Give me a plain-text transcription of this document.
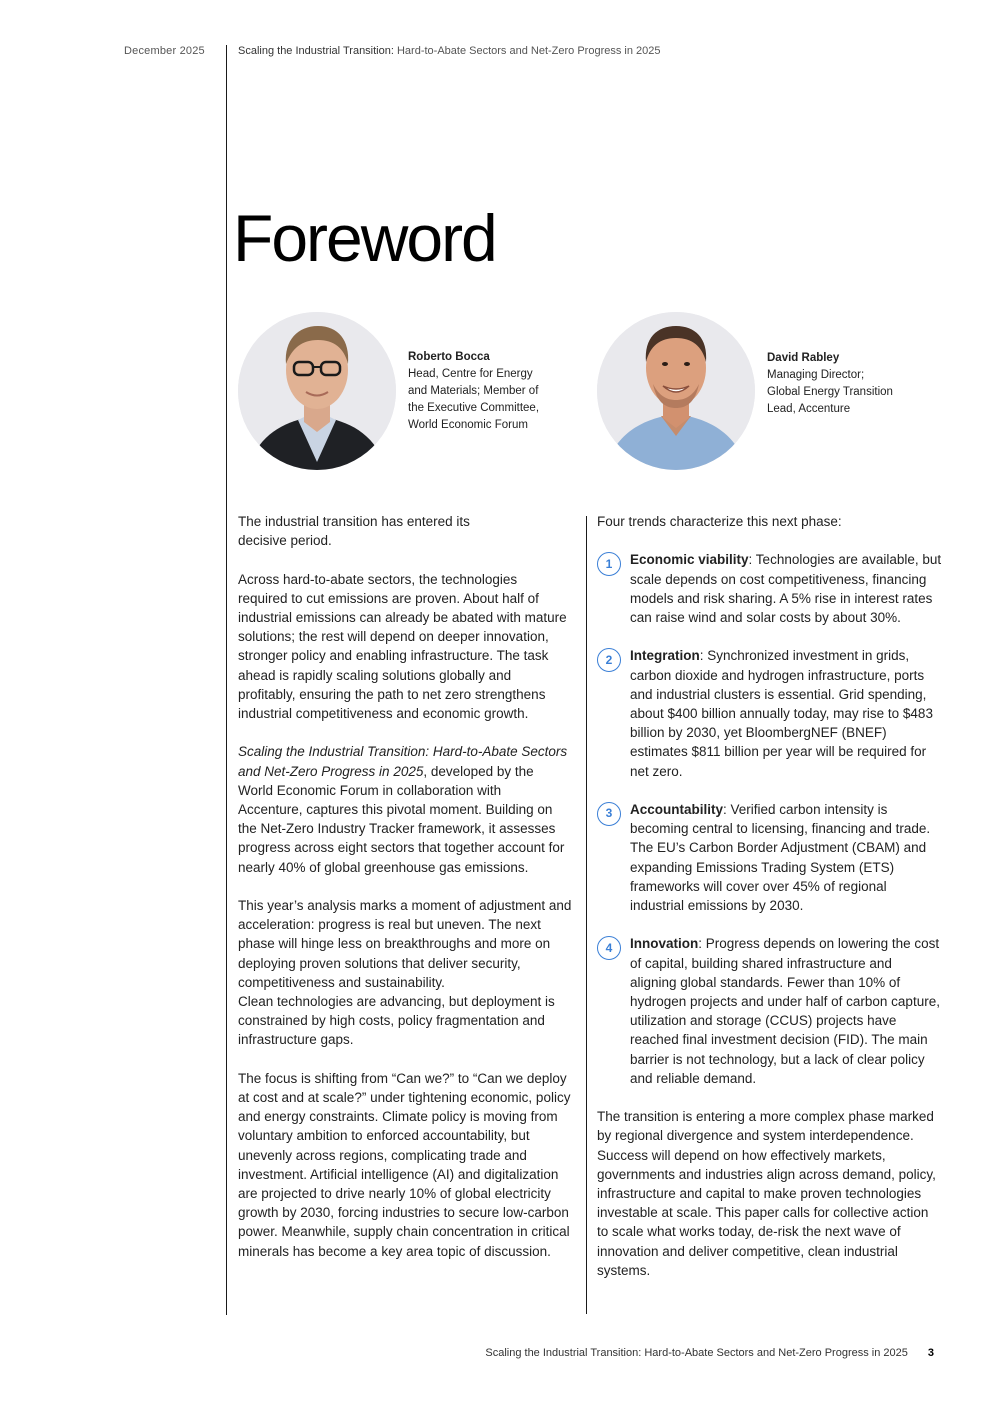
December 2025	Scaling the Industrial Transition: Hard-to-Abate Sectors and Net-Zero Progress in 2025
Foreword
Roberto Bocca
Head, Centre for Energy
and Materials; Member of
the Executive Committee,
World Economic Forum
David Rabley
Managing Director;
Global Energy Transition
Lead, Accenture

The industrial transition has entered its decisive period.

Across hard-to-abate sectors, the technologies required to cut emissions are proven. About half of industrial emissions can already be abated with mature solutions; the rest will depend on deeper innovation, stronger policy and enabling infrastructure. The task ahead is rapidly scaling solutions globally and profitably, ensuring the path to net zero strengthens industrial competitiveness and economic growth.

Scaling the Industrial Transition: Hard-to-Abate Sectors and Net-Zero Progress in 2025, developed by the World Economic Forum in collaboration with Accenture, captures this pivotal moment. Building on the Net-Zero Industry Tracker framework, it assesses progress across eight sectors that together account for nearly 40% of global greenhouse gas emissions.

This year’s analysis marks a moment of adjustment and acceleration: progress is real but uneven. The next phase will hinge less on breakthroughs and more on deploying proven solutions that deliver security, competitiveness and sustainability.

Clean technologies are advancing, but deployment is constrained by high costs, policy fragmentation and infrastructure gaps.

The focus is shifting from “Can we?” to “Can we deploy at cost and at scale?” under tightening economic, policy and energy constraints. Climate policy is moving from voluntary ambition to enforced accountability, but unevenly across regions, complicating trade and investment. Artificial intelligence (AI) and digitalization are projected to drive nearly 10% of global electricity growth by 2030, forcing industries to secure low-carbon power. Meanwhile, supply chain concentration in critical minerals has become a key area topic of discussion.

Four trends characterize this next phase:

1	Economic viability: Technologies are available, but scale depends on cost competitiveness, financing models and risk sharing. A 5% rise in interest rates can raise wind and solar costs by about 30%.
2	Integration: Synchronized investment in grids, carbon dioxide and hydrogen infrastructure, ports and industrial clusters is essential. Grid spending, about $400 billion annually today, may rise to $483 billion by 2030, yet BloombergNEF (BNEF) estimates $811 billion per year will be required for net zero.
3	Accountability: Verified carbon intensity is becoming central to licensing, financing and trade. The EU’s Carbon Border Adjustment (CBAM) and expanding Emissions Trading System (ETS) frameworks will cover over 45% of regional industrial emissions by 2030.
4	Innovation: Progress depends on lowering the cost of capital, building shared infrastructure and aligning global standards. Fewer than 10% of hydrogen projects and under half of carbon capture, utilization and storage (CCUS) projects have reached final investment decision (FID). The main barrier is not technology, but a lack of clear policy and reliable demand.

The transition is entering a more complex phase marked by regional divergence and system interdependence. Success will depend on how effectively markets, governments and industries align across demand, policy, infrastructure and capital to make proven technologies investable at scale. This paper calls for collective action to scale what works today, de-risk the next wave of innovation and deliver competitive, clean industrial systems.

Scaling the Industrial Transition: Hard-to-Abate Sectors and Net-Zero Progress in 2025 3
